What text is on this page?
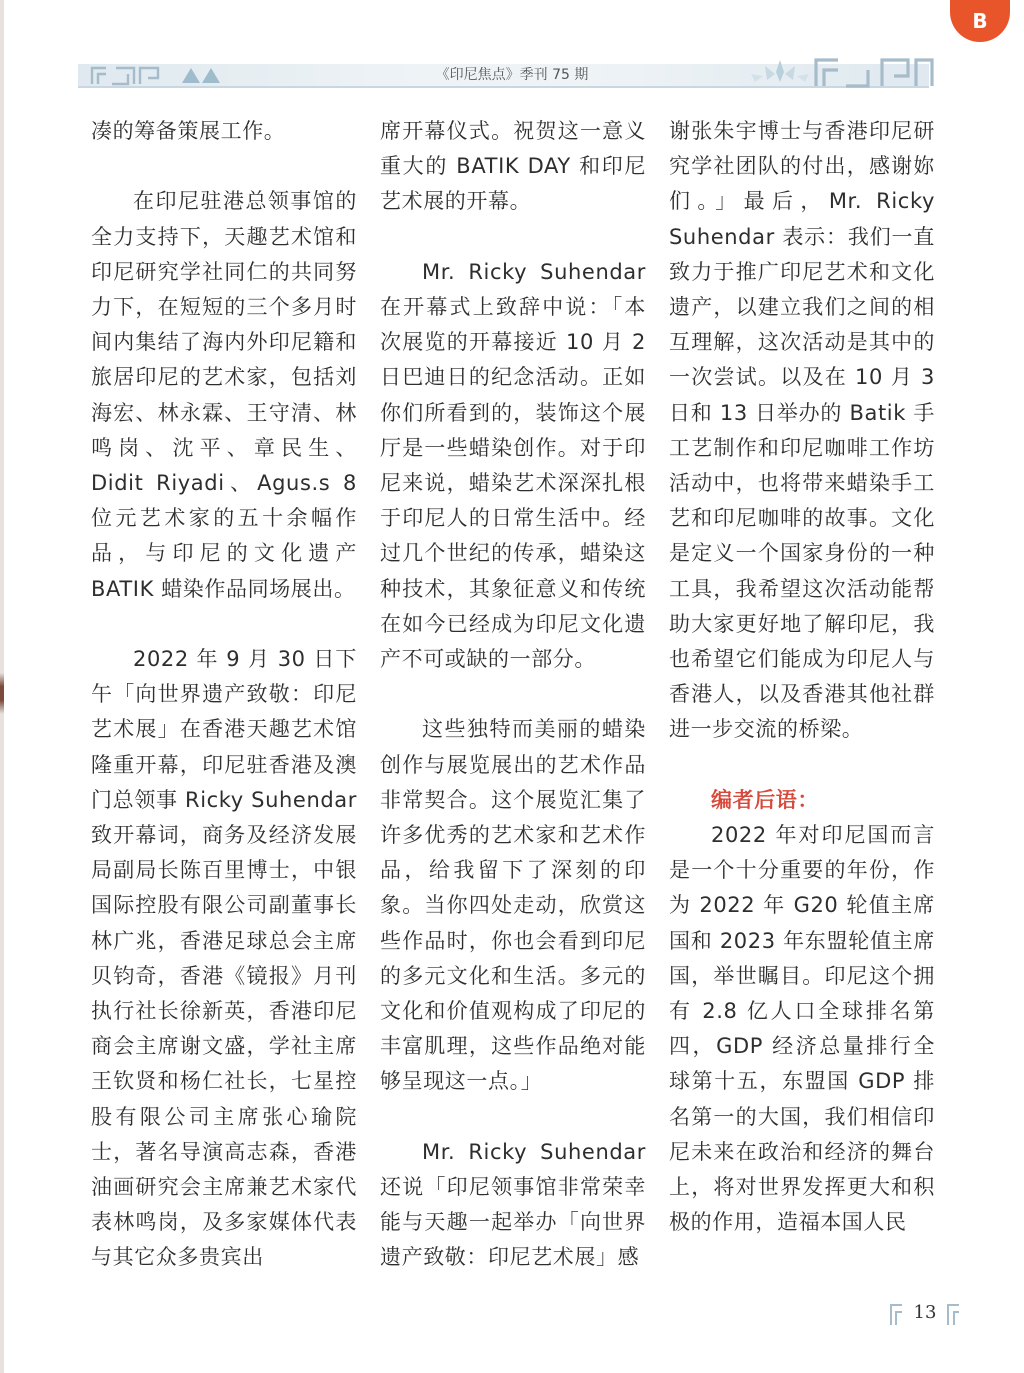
《印尼焦点》季刊 75 期
B

凑的筹备策展工作。

在印尼驻港总领事馆的全力支持下，天趣艺术馆和印尼研究学社同仁的共同努力下，在短短的三个多月时间内集结了海内外印尼籍和旅居印尼的艺术家，包括刘海宏、林永霖、王守清、林鸣岗、沈平、章民生、Didit Riyadi、Agus.s 8 位元艺术家的五十余幅作品，与印尼的文化遗产 BATIK 蜡染作品同场展出。

2022 年 9 月 30 日下午「向世界遗产致敬：印尼艺术展」在香港天趣艺术馆隆重开幕，印尼驻香港及澳门总领事 Ricky Suhendar 致开幕词，商务及经济发展局副局长陈百里博士，中银国际控股有限公司副董事长林广兆，香港足球总会主席贝钧奇，香港《镜报》月刊执行社长徐新英，香港印尼商会主席谢文盛，学社主席王钦贤和杨仁社长，七星控股有限公司主席张心瑜院士，著名导演高志森，香港油画研究会主席兼艺术家代表林鸣岗，及多家媒体代表与其它众多贵宾出

席开幕仪式。祝贺这一意义重大的 BATIK DAY 和印尼艺术展的开幕。

Mr. Ricky Suhendar 在开幕式上致辞中说：「本次展览的开幕接近 10 月 2 日巴迪日的纪念活动。正如你们所看到的，装饰这个展厅是一些蜡染创作。对于印尼来说，蜡染艺术深深扎根于印尼人的日常生活中。经过几个世纪的传承，蜡染这种技术，其象征意义和传统在如今已经成为印尼文化遗产不可或缺的一部分。

这些独特而美丽的蜡染创作与展览展出的艺术作品非常契合。这个展览汇集了许多优秀的艺术家和艺术作品，给我留下了深刻的印象。当你四处走动，欣赏这些作品时，你也会看到印尼的多元文化和生活。多元的文化和价值观构成了印尼的丰富肌理，这些作品绝对能够呈现这一点。」

Mr. Ricky Suhendar 还说「印尼领事馆非常荣幸能与天趣一起举办「向世界遗产致敬：印尼艺术展」感

谢张朱宇博士与香港印尼研究学社团队的付出，感谢妳们。」最后，Mr. Ricky Suhendar 表示：我们一直致力于推广印尼艺术和文化遗产，以建立我们之间的相互理解，这次活动是其中的一次尝试。以及在 10 月 3 日和 13 日举办的 Batik 手工艺制作和印尼咖啡工作坊活动中，也将带来蜡染手工艺和印尼咖啡的故事。文化是定义一个国家身份的一种工具，我希望这次活动能帮助大家更好地了解印尼，我也希望它们能成为印尼人与香港人，以及香港其他社群进一步交流的桥梁。

编者后语：

2022 年对印尼国而言是一个十分重要的年份，作为 2022 年 G20 轮值主席国和 2023 年东盟轮值主席国，举世瞩目。印尼这个拥有 2.8 亿人口全球排名第四，GDP 经济总量排行全球第十五，东盟国 GDP 排名第一的大国，我们相信印尼未来在政治和经济的舞台上，将对世界发挥更大和积极的作用，造福本国人民

13
